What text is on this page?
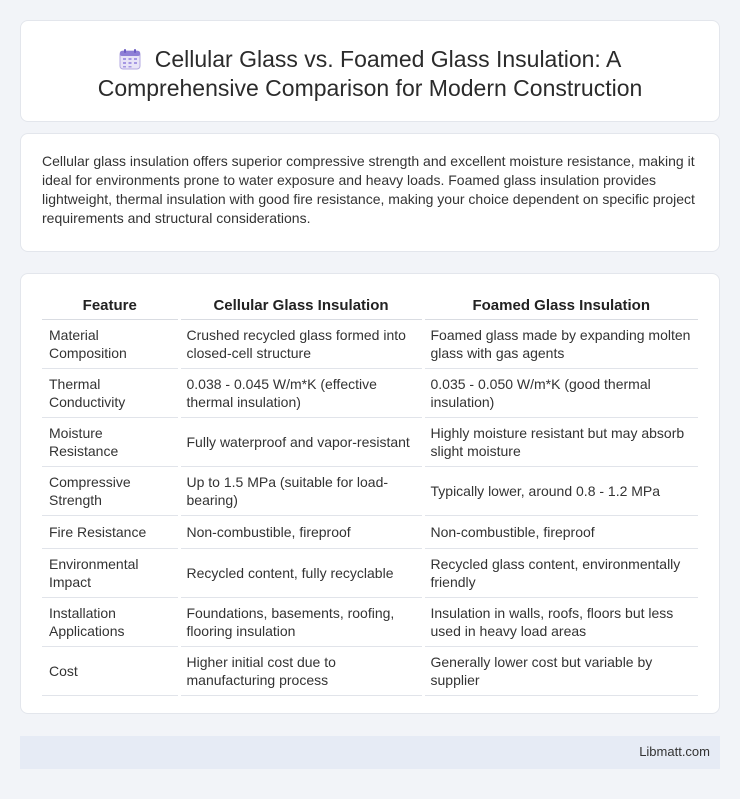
Cellular Glass vs. Foamed Glass Insulation: A
Comprehensive Comparison for Modern Construction

Cellular glass insulation offers superior compressive strength and excellent moisture resistance, making it ideal for environments prone to water exposure and heavy loads. Foamed glass insulation provides lightweight, thermal insulation with good fire resistance, making your choice dependent on specific project requirements and structural considerations.

Feature	Cellular Glass Insulation	Foamed Glass Insulation
Material Composition	Crushed recycled glass formed into closed-cell structure	Foamed glass made by expanding molten glass with gas agents
Thermal Conductivity	0.038 - 0.045 W/m*K (effective thermal insulation)	0.035 - 0.050 W/m*K (good thermal insulation)
Moisture Resistance	Fully waterproof and vapor-resistant	Highly moisture resistant but may absorb slight moisture
Compressive Strength	Up to 1.5 MPa (suitable for load-bearing)	Typically lower, around 0.8 - 1.2 MPa
Fire Resistance	Non-combustible, fireproof	Non-combustible, fireproof
Environmental Impact	Recycled content, fully recyclable	Recycled glass content, environmentally friendly
Installation Applications	Foundations, basements, roofing, flooring insulation	Insulation in walls, roofs, floors but less used in heavy load areas
Cost	Higher initial cost due to manufacturing process	Generally lower cost but variable by supplier
Libmatt.com
